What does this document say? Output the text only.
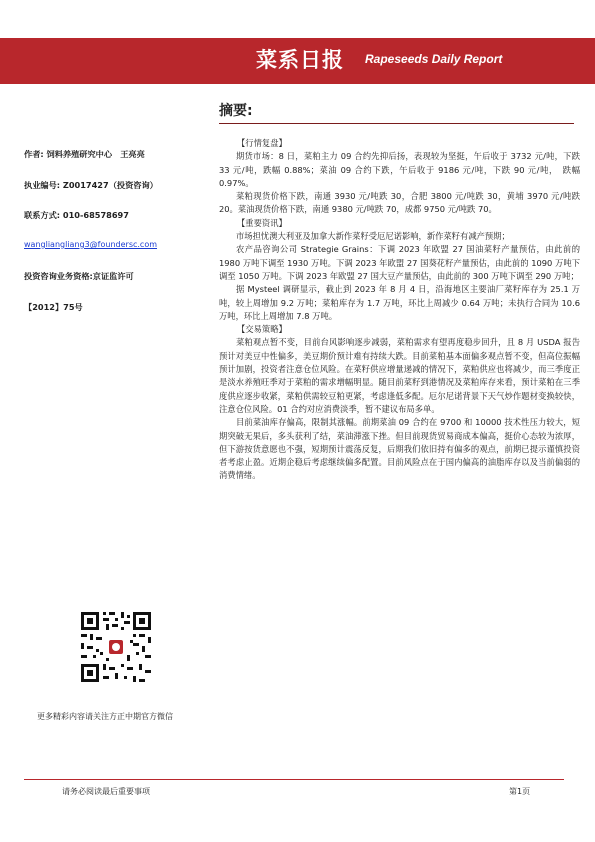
菜系日报 Rapeseeds Daily Report
摘要:
作者: 饲料养殖研究中心　王亮亮
执业编号: Z0017427（投资咨询）
联系方式: 010-68578697
wangliangliang3@foundersc.com
投资咨询业务资格:京证监许可
【2012】75号
更多精彩内容请关注方正中期官方微信
【行情复盘】
期货市场：8 日，菜粕主力 09 合约先抑后扬，表现较为坚挺，午后收于 3732 元/吨，下跌 33 元/吨，跌幅 0.88%；菜油 09 合约下跌，午后收于 9186 元/吨，下跌 90 元/吨，　跌幅 0.97%。
菜粕现货价格下跌，南通 3930 元/吨跌 30，合肥 3800 元/吨跌 30，黄埔 3970 元/吨跌 20。菜油现货价格下跌，南通 9380 元/吨跌 70，成都 9750 元/吨跌 70。
【重要资讯】
市场担忧澳大利亚及加拿大新作菜籽受厄尼诺影响，新作菜籽有减产预期；
农产品咨询公司 Strategie Grains：下调 2023 年欧盟 27 国油菜籽产量预估，由此前的 1980 万吨下调至 1930 万吨。下调 2023 年欧盟 27 国葵花籽产量预估，由此前的 1090 万吨下调至 1050 万吨。下调 2023 年欧盟 27 国大豆产量预估，由此前的 300 万吨下调至 290 万吨；
据 Mysteel 调研显示，截止到 2023 年 8 月 4 日，沿海地区主要油厂菜籽库存为 25.1 万吨，较上周增加 9.2 万吨；菜粕库存为 1.7 万吨，环比上周减少 0.64 万吨；未执行合同为 10.6 万吨，环比上周增加 7.8 万吨。
【交易策略】
菜粕观点暂不变，目前台风影响逐步减弱，菜粕需求有望再度稳步回升，且 8 月 USDA 报告预计对美豆中性偏多，美豆期价预计难有持续大跌。目前菜粕基本面偏多观点暂不变，但高位振幅预计加剧，投资者注意仓位风险。在菜籽供应增量递减的情况下，菜粕供应也将减少，而三季度正是淡水养殖旺季对于菜粕的需求增幅明显。随目前菜籽到港情况及菜粕库存来看，预计菜粕在三季度供应逐步收紧，菜粕供需较豆粕更紧，考虑逢低多配。厄尔尼诺背景下天气炒作题材变换较快，注意仓位风险。01 合约对应消费淡季，暂不建议布局多单。
目前菜油库存偏高，限制其涨幅。前期菜油 09 合约在 9700 和 10000 技术性压力较大，短期突破无果后，多头获利了结，菜油滞涨下挫。但目前现货贸易商成本偏高，挺价心态较为浓厚，但下游按货意愿也不强，短期预计震荡反复，后期我们依旧持有偏多的观点，前期已提示谨慎投资者考虑止盈。近期企稳后考虑继续偏多配置。目前风险点在于国内偏高的油脂库存以及当前偏弱的消费情绪。
请务必阅读最后重要事项	第1页
